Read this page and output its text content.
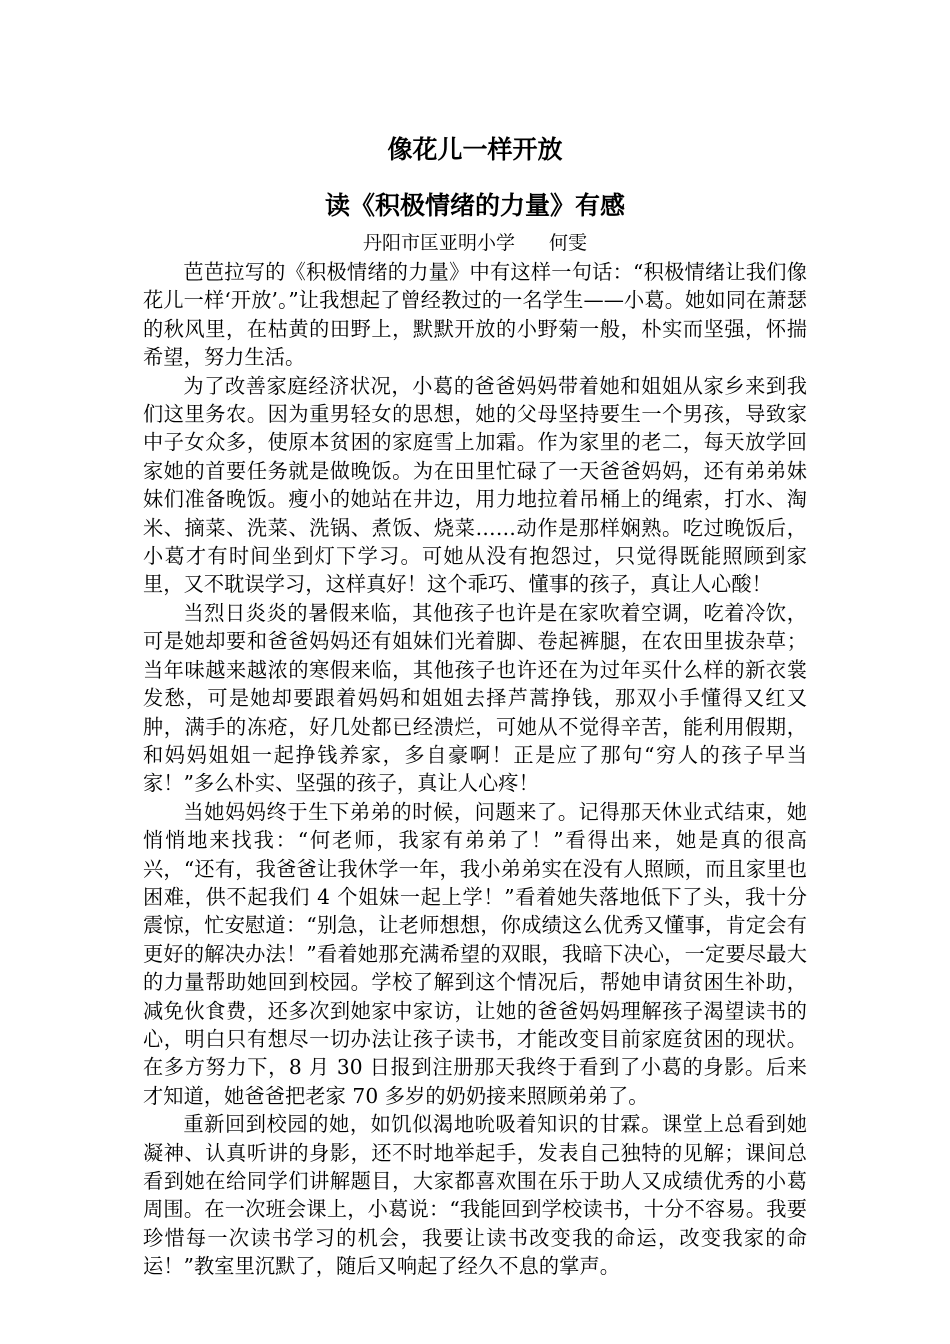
像花儿一样开放
读《积极情绪的力量》有感

丹阳市匡亚明小学 何雯

芭芭拉写的《积极情绪的力量》中有这样一句话：“积极情绪让我们像花儿一样‘开放’。”让我想起了曾经教过的一名学生——小葛。她如同在萧瑟的秋风里，在枯黄的田野上，默默开放的小野菊一般，朴实而坚强，怀揣希望，努力生活。

为了改善家庭经济状况，小葛的爸爸妈妈带着她和姐姐从家乡来到我们这里务农。因为重男轻女的思想，她的父母坚持要生一个男孩，导致家中子女众多，使原本贫困的家庭雪上加霜。作为家里的老二，每天放学回家她的首要任务就是做晚饭。为在田里忙碌了一天爸爸妈妈，还有弟弟妹妹们准备晚饭。瘦小的她站在井边，用力地拉着吊桶上的绳索，打水、淘米、摘菜、洗菜、洗锅、煮饭、烧菜……动作是那样娴熟。吃过晚饭后，小葛才有时间坐到灯下学习。可她从没有抱怨过，只觉得既能照顾到家里，又不耽误学习，这样真好！这个乖巧、懂事的孩子，真让人心酸！

当烈日炎炎的暑假来临，其他孩子也许是在家吹着空调，吃着冷饮，可是她却要和爸爸妈妈还有姐妹们光着脚、卷起裤腿，在农田里拔杂草；当年味越来越浓的寒假来临，其他孩子也许还在为过年买什么样的新衣裳发愁，可是她却要跟着妈妈和姐姐去择芦蒿挣钱，那双小手懂得又红又肿，满手的冻疮，好几处都已经溃烂，可她从不觉得辛苦，能利用假期，和妈妈姐姐一起挣钱养家，多自豪啊！正是应了那句“穷人的孩子早当家！”多么朴实、坚强的孩子，真让人心疼！

当她妈妈终于生下弟弟的时候，问题来了。记得那天休业式结束，她悄悄地来找我：“何老师，我家有弟弟了！”看得出来，她是真的很高兴，“还有，我爸爸让我休学一年，我小弟弟实在没有人照顾，而且家里也困难，供不起我们 4 个姐妹一起上学！”看着她失落地低下了头，我十分震惊，忙安慰道：“别急，让老师想想，你成绩这么优秀又懂事，肯定会有更好的解决办法！”看着她那充满希望的双眼，我暗下决心，一定要尽最大的力量帮助她回到校园。学校了解到这个情况后，帮她申请贫困生补助，减免伙食费，还多次到她家中家访，让她的爸爸妈妈理解孩子渴望读书的心，明白只有想尽一切办法让孩子读书，才能改变目前家庭贫困的现状。在多方努力下，8 月 30 日报到注册那天我终于看到了小葛的身影。后来才知道，她爸爸把老家 70 多岁的奶奶接来照顾弟弟了。

重新回到校园的她，如饥似渴地吮吸着知识的甘霖。课堂上总看到她凝神、认真听讲的身影，还不时地举起手，发表自己独特的见解；课间总看到她在给同学们讲解题目，大家都喜欢围在乐于助人又成绩优秀的小葛周围。在一次班会课上，小葛说：“我能回到学校读书，十分不容易。我要珍惜每一次读书学习的机会，我要让读书改变我的命运，改变我家的命运！”教室里沉默了，随后又响起了经久不息的掌声。
